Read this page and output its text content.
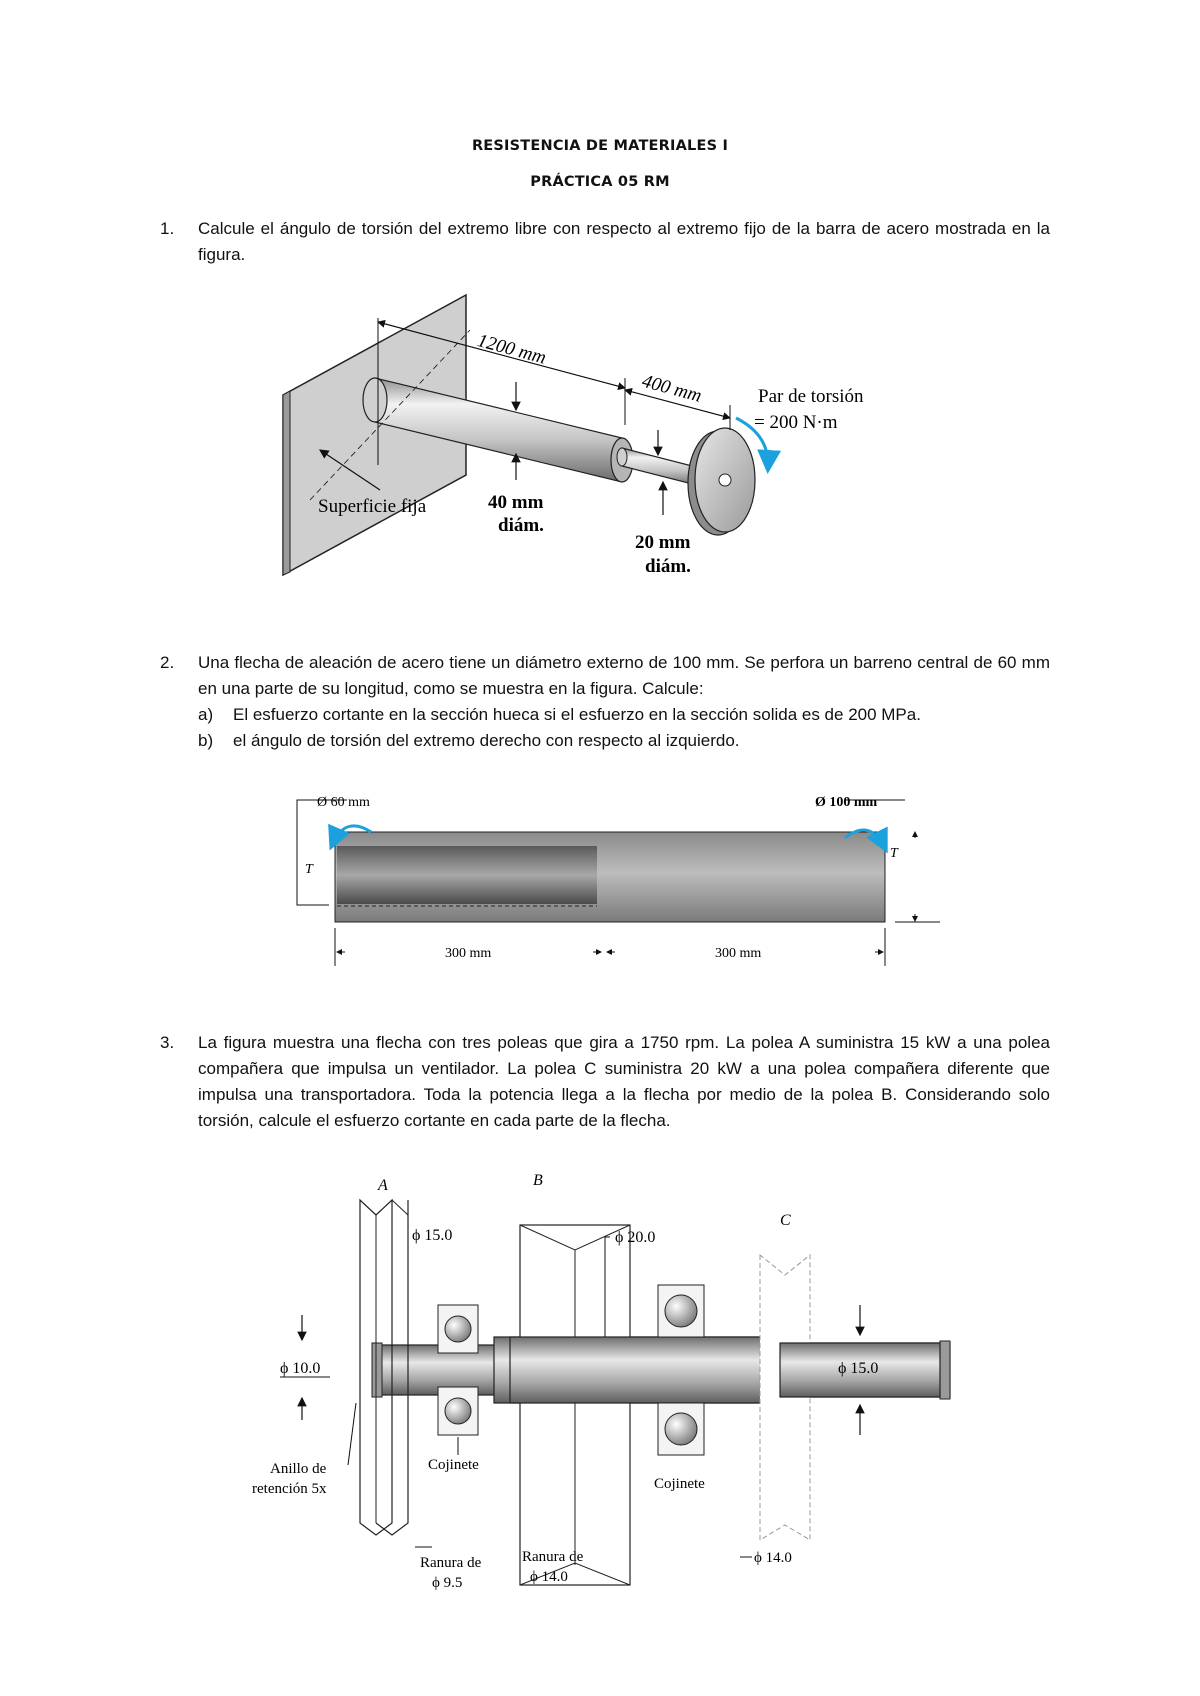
RESISTENCIA DE MATERIALES I
PRÁCTICA 05 RM
1. Calcule el ángulo de torsión del extremo libre con respecto al extremo fijo de la barra de acero mostrada en la figura.
1200 mm
400 mm	Par de torsión
= 200 N·m
Superficie fija	40 mm
diám.
20 mm
diám.
2. Una flecha de aleación de acero tiene un diámetro externo de 100 mm. Se perfora un barreno central de 60 mm en una parte de su longitud, como se muestra en la figura. Calcule:
a) El esfuerzo cortante en la sección hueca si el esfuerzo en la sección solida es de 200 MPa.
b) el ángulo de torsión del extremo derecho con respecto al izquierdo.
Ø 60 mm	Ø 100 mm
T
T
300 mm	300 mm
3. La figura muestra una flecha con tres poleas que gira a 1750 rpm. La polea A suministra 15 kW a una polea compañera que impulsa un ventilador. La polea C suministra 20 kW a una polea compañera diferente que impulsa una transportadora. Toda la potencia llega a la flecha por medio de la polea B. Considerando solo torsión, calcule el esfuerzo cortante en cada parte de la flecha.
A	B
C
ϕ 15.0	ϕ 20.0
ϕ 10.0	ϕ 15.0
Anillo de
retención 5x
Cojinete
Cojinete
Ranura de
ϕ 9.5
Ranura de
ϕ 14.0
ϕ 14.0
